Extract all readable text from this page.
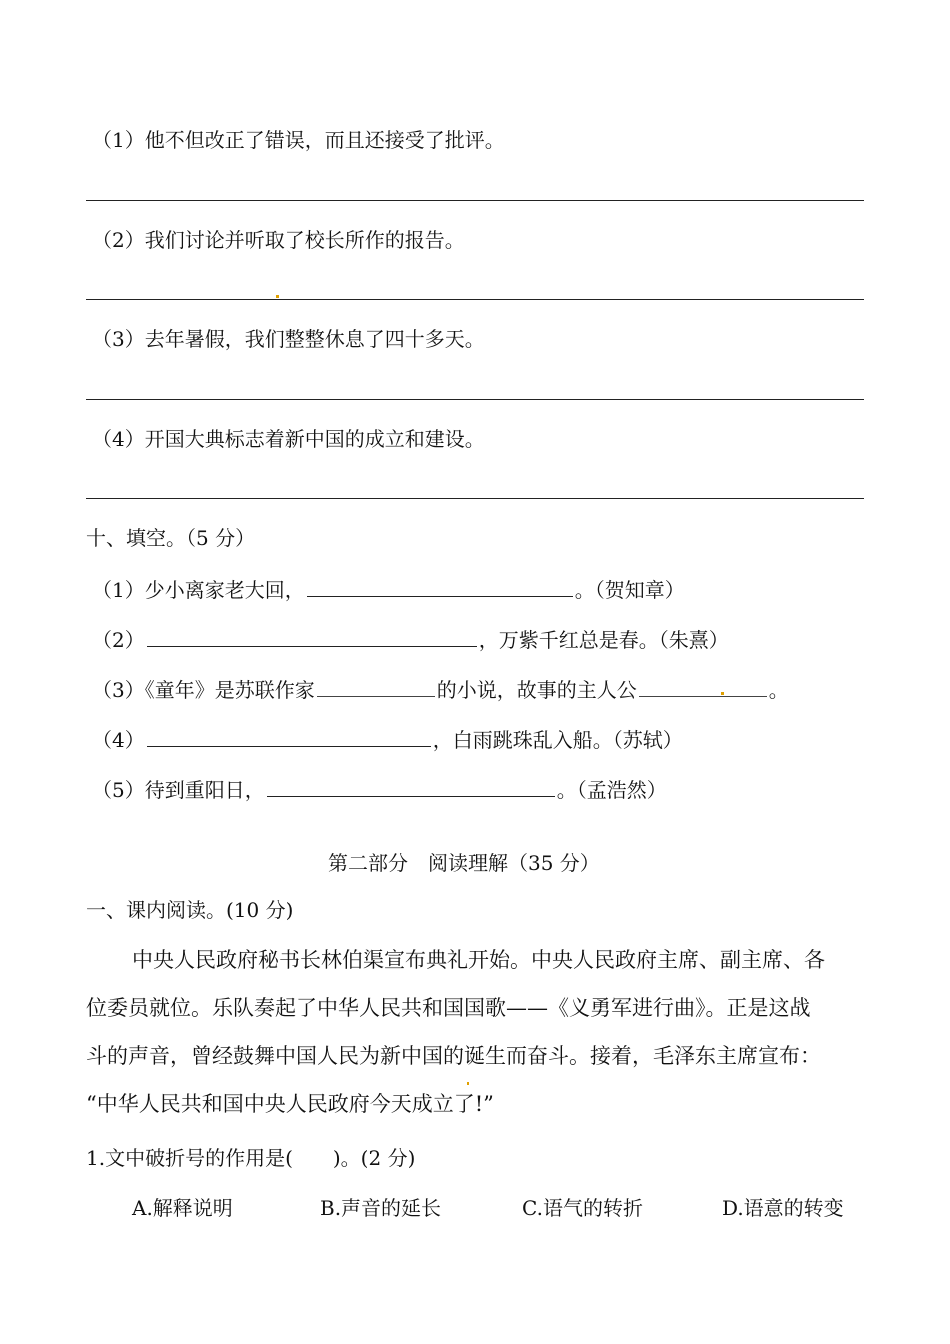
（1）他不但改正了错误，而且还接受了批评。
（2）我们讨论并听取了校长所作的报告。
（3）去年暑假，我们整整休息了四十多天。
（4）开国大典标志着新中国的成立和建设。
十、填空。（5 分）
（1）少小离家老大回，	。（贺知章）
（2）	，万紫千红总是春。（朱熹）
（3）《童年》是苏联作家	的小说，故事的主人公	。
（4）	，白雨跳珠乱入船。（苏轼）
（5）待到重阳日，	。（孟浩然）
第二部分　阅读理解（35 分）
一、课内阅读。(10 分)
中央人民政府秘书长林伯渠宣布典礼开始。中央人民政府主席、副主席、各
位委员就位。乐队奏起了中华人民共和国国歌——《义勇军进行曲》。正是这战
斗的声音，曾经鼓舞中国人民为新中国的诞生而奋斗。接着，毛泽东主席宣布：
“中华人民共和国中央人民政府今天成立了!”
1.文中破折号的作用是(　　)。(2 分)
A.解释说明	B.声音的延长	C.语气的转折	D.语意的转变
